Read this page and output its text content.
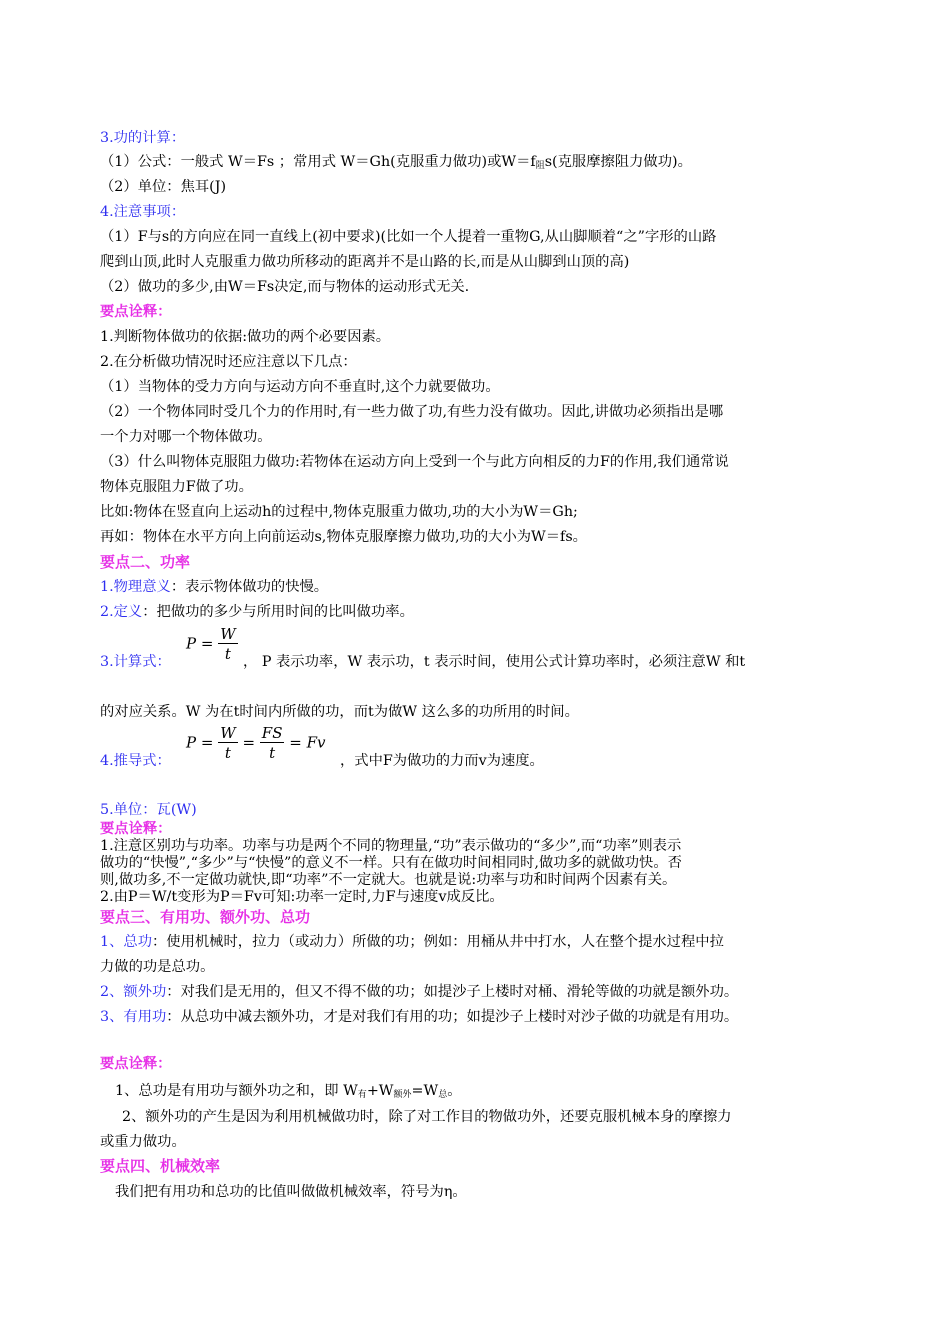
3.功的计算：
（1）公式：一般式 W＝Fs ；常用式 W＝Gh(克服重力做功)或$W=f_阻s$(克服摩擦阻力做功)。
（2）单位：焦耳(J)
4.注意事项：
（1）F与s的方向应在同一直线上(初中要求)(比如一个人提着一重物G,从山脚顺着“之”字形的山路
爬到山顶,此时人克服重力做功所移动的距离并不是山路的长,而是从山脚到山顶的高)
（2）做功的多少,由W＝Fs决定,而与物体的运动形式无关.
要点诠释：
1.判断物体做功的依据:做功的两个必要因素。
2.在分析做功情况时还应注意以下几点：
（1）当物体的受力方向与运动方向不垂直时,这个力就要做功。
（2）一个物体同时受几个力的作用时,有一些力做了功,有些力没有做功。因此,讲做功必须指出是哪
一个力对哪一个物体做功。
（3）什么叫物体克服阻力做功:若物体在运动方向上受到一个与此方向相反的力F的作用,我们通常说
物体克服阻力F做了功。
比如:物体在竖直向上运动h的过程中,物体克服重力做功,功的大小为W＝Gh;
再如：物体在水平方向上向前运动s,物体克服摩擦力做功,功的大小为W＝fs。
要点二、功率
1.物理意义：表示物体做功的快慢。
2.定义：把做功的多少与所用时间的比叫做功率。
3.计算式：
$P = \frac{W}{t}$ ， P 表示功率，W 表示功，t 表示时间，使用公式计算功率时，必须注意W 和t
的对应关系。W 为在t时间内所做的功，而t为做W 这么多的功所用的时间。
4.推导式：
$P = \frac{W}{t} = \frac{FS}{t} = Fv$
，式中F为做功的力而v为速度。
5.单位：瓦(W)
要点诠释：
1.注意区别功与功率。功率与功是两个不同的物理量,“功”表示做功的“多少”,而“功率”则表示
做功的“快慢”,“多少”与“快慢”的意义不一样。只有在做功时间相同时,做功多的就做功快。否
则,做功多,不一定做功就快,即“功率”不一定就大。也就是说:功率与功和时间两个因素有关。
2.由P＝W/t变形为P＝Fv可知:功率一定时,力F与速度v成反比。
要点三、有用功、额外功、总功
1、总功：使用机械时，拉力（或动力）所做的功；例如：用桶从井中打水，人在整个提水过程中拉
力做的功是总功。
2、额外功：对我们是无用的，但又不得不做的功；如提沙子上楼时对桶、滑轮等做的功就是额外功。
3、有用功：从总功中减去额外功，才是对我们有用的功；如提沙子上楼时对沙子做的功就是有用功。
要点诠释：
1、总功是有用功与额外功之和，即 $W_有+W_{额外}=W_总$。
2、额外功的产生是因为利用机械做功时，除了对工作目的物做功外，还要克服机械本身的摩擦力
或重力做功。
要点四、机械效率
我们把有用功和总功的比值叫做做机械效率，符号为η。
